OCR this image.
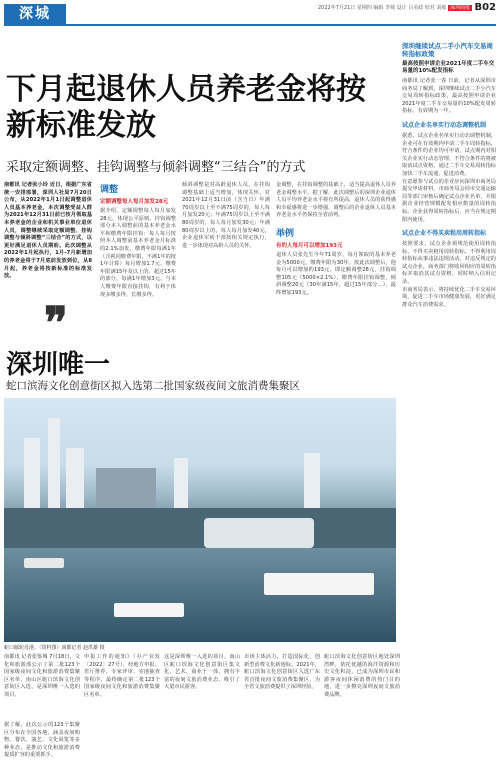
深城	2022年7月21日 星期四 编辑 李城 设计 吕美政 校对 刘敏 深圳商报 B02
下月起退休人员养老金将按新标准发放
采取定额调整、挂钩调整与倾斜调整“三结合”的方式
南都讯 记者张小玲 近日，根据广东省统一安排部署，深圳人社局7月20日公布，从2022年1月1日起调整退休人员基本养老金，本次调整受益人群为2021年12月31日前已按月领取基本养老金的企业和机关事业单位退休人员，调整继续采取定额调整、挂钩调整与倾斜调整“三结合”的方式，以更好满足退休人员期盼。此次调整从2022年1月起执行，1月-7月新增加的养老金将于7月底前发放到位，从8月起，养老金将按新标准的标准发放。
❞
调整
定额调整每人每月加发28元
据介绍，定额调整每人每月加发28元，体现公平原则。挂钩调整部分本人调整前的基本养老金水平和缴费年限挂钩：每人每月按照本人调整前基本养老金月标准的2.1%加发，缴费年限每满1年（含视同缴费年限，不满1年的按1年计算）每月增加1.7元，缴费年限满15年及以上的，超过15年的部分，每满1年增加3元，与本人缴费年限直接挂钩，有利于体现多缴多得、长缴多得。
倾斜调整是对高龄退休人员，在挂钩调整基础上适当增加，体现关怀。对2021年12月31日前（含当日）年满70周岁以上至不满75周岁的，每人每月加发20元；年满75周岁以上至不满80周岁的，每人每月加发30元；年满80周岁以上的，每人每月加发40元，企业退休军转干部按相关规定执行，进一步体现对高龄人员的关怀。
金调整，在挂钩调整的基础上，适当提高退休人员养老金调整水平。据了解，此次调整后的深圳企业退休人员平均养老金水平将有所提高，退休人员的获得感和幸福感将进一步增强，调整后的企业退休人员基本养老金水平仍保持全省前列。
举例
有的人每月可以增加193元
退休人员张先生今年71周岁，每月领取的基本养老金为5000元，缴费年限为30年。按此次调整后，他每月可以增加约193元，即定额调整28元，挂钩调整105元（5000×2.1%），缴费年限挂钩调整，倾斜调整20元（30年满15年，超过15年部分…），最终增加193元。
深圳继续试点二手小汽车交易周转指标政策
最高按照申请企业2021年度二手车交易量的10%配发指标
南都讯 记者张一春 日前，记者从深圳市商务局了解到，深圳继续试点二手小汽车交易周转指标政策，最高按照申请企业2021年度二手车交易量的10%配发周转指标，有效期为一年。
试点企业名单实行动态调整机制
据悉，试点企业名单实行动态调整机制，企业可在有效期内申请二手车周转指标，符合条件的企业均可申请，试点期内对相关企业实行动态管理，不符合条件的将被取消试点资格，通过二手车交易周转指标加快二手车流通，促进消费。
有意愿参与试点的企业应向深圳市商务局提交申请材料，市商务局会同市交通运输局等部门审核后确定试点企业名单，并根据企业经营规模配发相应数量的周转指标。企业获得周转指标后，应当在规定期限内使用。
试点企业不得买卖租用周转指标
按照要求，试点企业须规范使用周转指标，不得买卖租用周转指标，不得利用周转指标从事违法违规活动。对违反规定的试点企业，商务部门将收回相应的周转指标并取消其试点资格，同时纳入信用记录。
市商务局表示，将持续优化二手车交易环境，促进二手车市场健康发展，更好满足群众汽车消费需求。
深圳唯一
蛇口滨海文化创意街区拟入选第二批国家级夜间文旅消费集聚区
蛇口邮轮母港。（资料图）南都记者 赵洪雄 摄
南都讯 记者张鉴城 7月18日，文化和旅游部公示了第二批123个国家级夜间文化和旅游消费集聚区名单，南山区蛇口滨海文化创意街区入选，是深圳唯一入选的项目。
申报工作的通知》（办产业发〔2022〕27号），经地方申报、省厅推荐、专家评审、实地抽查等程序，最终确定第二批123个国家级夜间文化和旅游消费集聚区名单。
这是深圳唯一入选的项目。南山区蛇口滨海文化创意街区集文化、艺术、商业于一体，拥有丰富的夜间文旅消费业态，吸引了大量市民游客。
市场主体活力，打造国际化、创新型消费文化新地标。2021年，蛇口滨海文化创意街区入选广东省首批夜间文旅消费集聚区，为全省文旅消费提供了深圳经验。
蛇口滨海文化创意街区地处深圳湾畔，依托优越的海洋资源和历史文化积淀，已成为深圳市民和游客夜间休闲消费的热门目的地，进一步擦亮深圳夜间文旅消费品牌。
据了解，此次公示的123个集聚区分布在全国各地，涵盖夜间购物、餐饮、演艺、文化展览等多种业态，是推动文化和旅游消费提质扩容的重要抓手。
